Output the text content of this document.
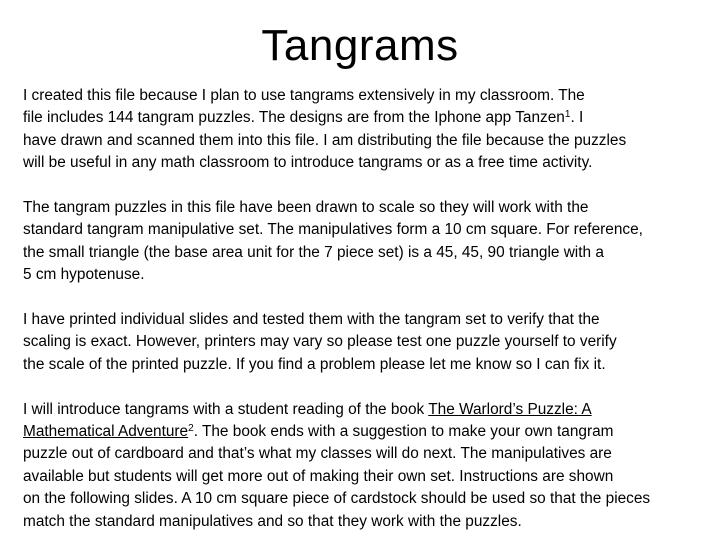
Tangrams

I created this file because I plan to use tangrams extensively in my classroom. The
file includes 144 tangram puzzles. The designs are from the Iphone app Tanzen$^1$. I
have drawn and scanned them into this file. I am distributing the file because the puzzles
will be useful in any math classroom to introduce tangrams or as a free time activity.

The tangram puzzles in this file have been drawn to scale so they will work with the
standard tangram manipulative set. The manipulatives form a 10 cm square. For reference,
the small triangle (the base area unit for the 7 piece set) is a 45, 45, 90 triangle with a
5 cm hypotenuse.

I have printed individual slides and tested them with the tangram set to verify that the
scaling is exact. However, printers may vary so please test one puzzle yourself to verify
the scale of the printed puzzle. If you find a problem please let me know so I can fix it.

I will introduce tangrams with a student reading of the book The Warlord’s Puzzle: A
Mathematical Adventure$^2$. The book ends with a suggestion to make your own tangram
puzzle out of cardboard and that’s what my classes will do next. The manipulatives are
available but students will get more out of making their own set. Instructions are shown
on the following slides. A 10 cm square piece of cardstock should be used so that the pieces
match the standard manipulatives and so that they work with the puzzles.
